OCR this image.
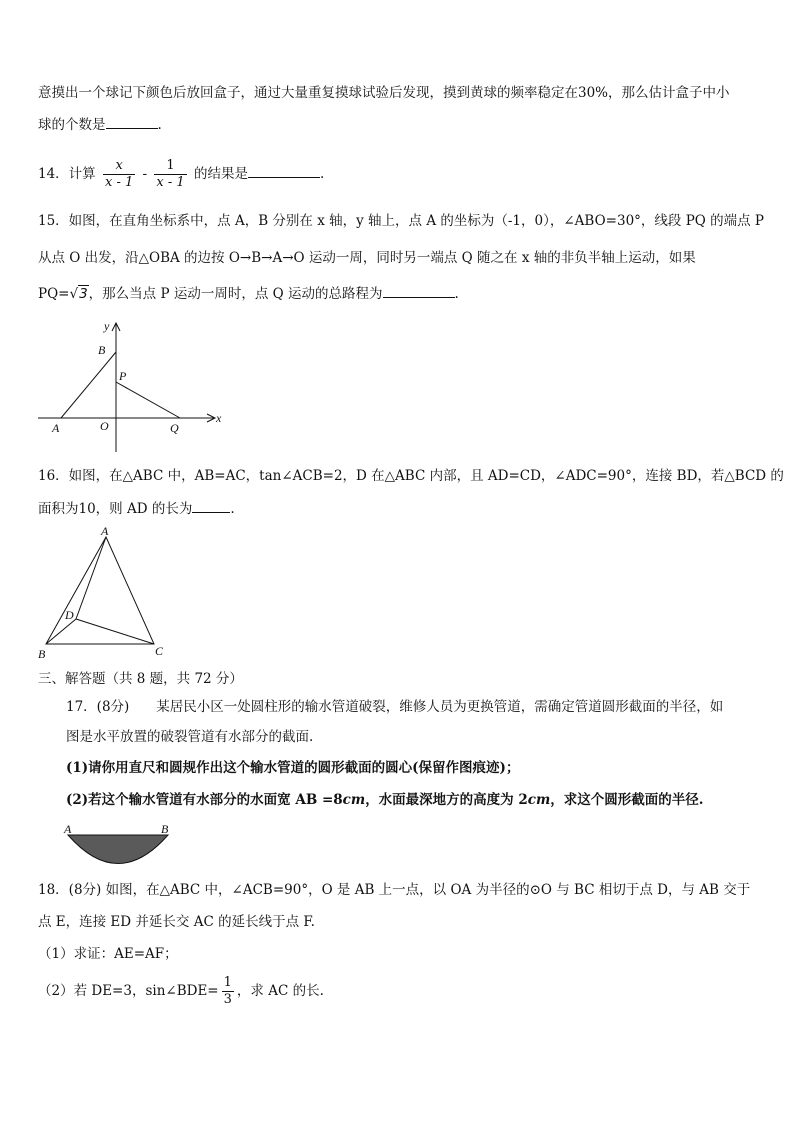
意摸出一个球记下颜色后放回盒子，通过大量重复摸球试验后发现，摸到黄球的频率稳定在30%，那么估计盒子中小
球的个数是	.
14．计算 $\frac{x}{x - 1} - \frac{1}{x - 1}$ 的结果是	.
15．如图，在直角坐标系中，点 A，B 分别在 x 轴，y 轴上，点 A 的坐标为（-1，0），∠ABO=30°，线段 PQ 的端点 P
从点 O 出发，沿△OBA 的边按 O→B→A→O 运动一周，同时另一端点 Q 随之在 x 轴的非负半轴上运动，如果
PQ=√3，那么当点 P 运动一周时，点 Q 运动的总路程为	.
y
x
B
P
A	O	Q
16．如图，在△ABC 中，AB=AC，tan∠ACB=2，D 在△ABC 内部，且 AD=CD，∠ADC=90°，连接 BD，若△BCD 的
面积为10，则 AD 的长为	.
A
D
B	C
三、解答题（共 8 题，共 72 分）
17．(8分)　　某居民小区一处圆柱形的输水管道破裂，维修人员为更换管道，需确定管道圆形截面的半径，如
图是水平放置的破裂管道有水部分的截面.
(1)请你用直尺和圆规作出这个输水管道的圆形截面的圆心(保留作图痕迹)；
(2)若这个输水管道有水部分的水面宽 AB =8cm，水面最深地方的高度为 2cm，求这个圆形截面的半径.
A	B
18．(8分) 如图，在△ABC 中，∠ACB=90°，O 是 AB 上一点，以 OA 为半径的⊙O 与 BC 相切于点 D，与 AB 交于
点 E，连接 ED 并延长交 AC 的延长线于点 F.
（1）求证：AE=AF；
（2）若 DE=3，sin∠BDE= $\frac{1}{3}$ ，求 AC 的长.
